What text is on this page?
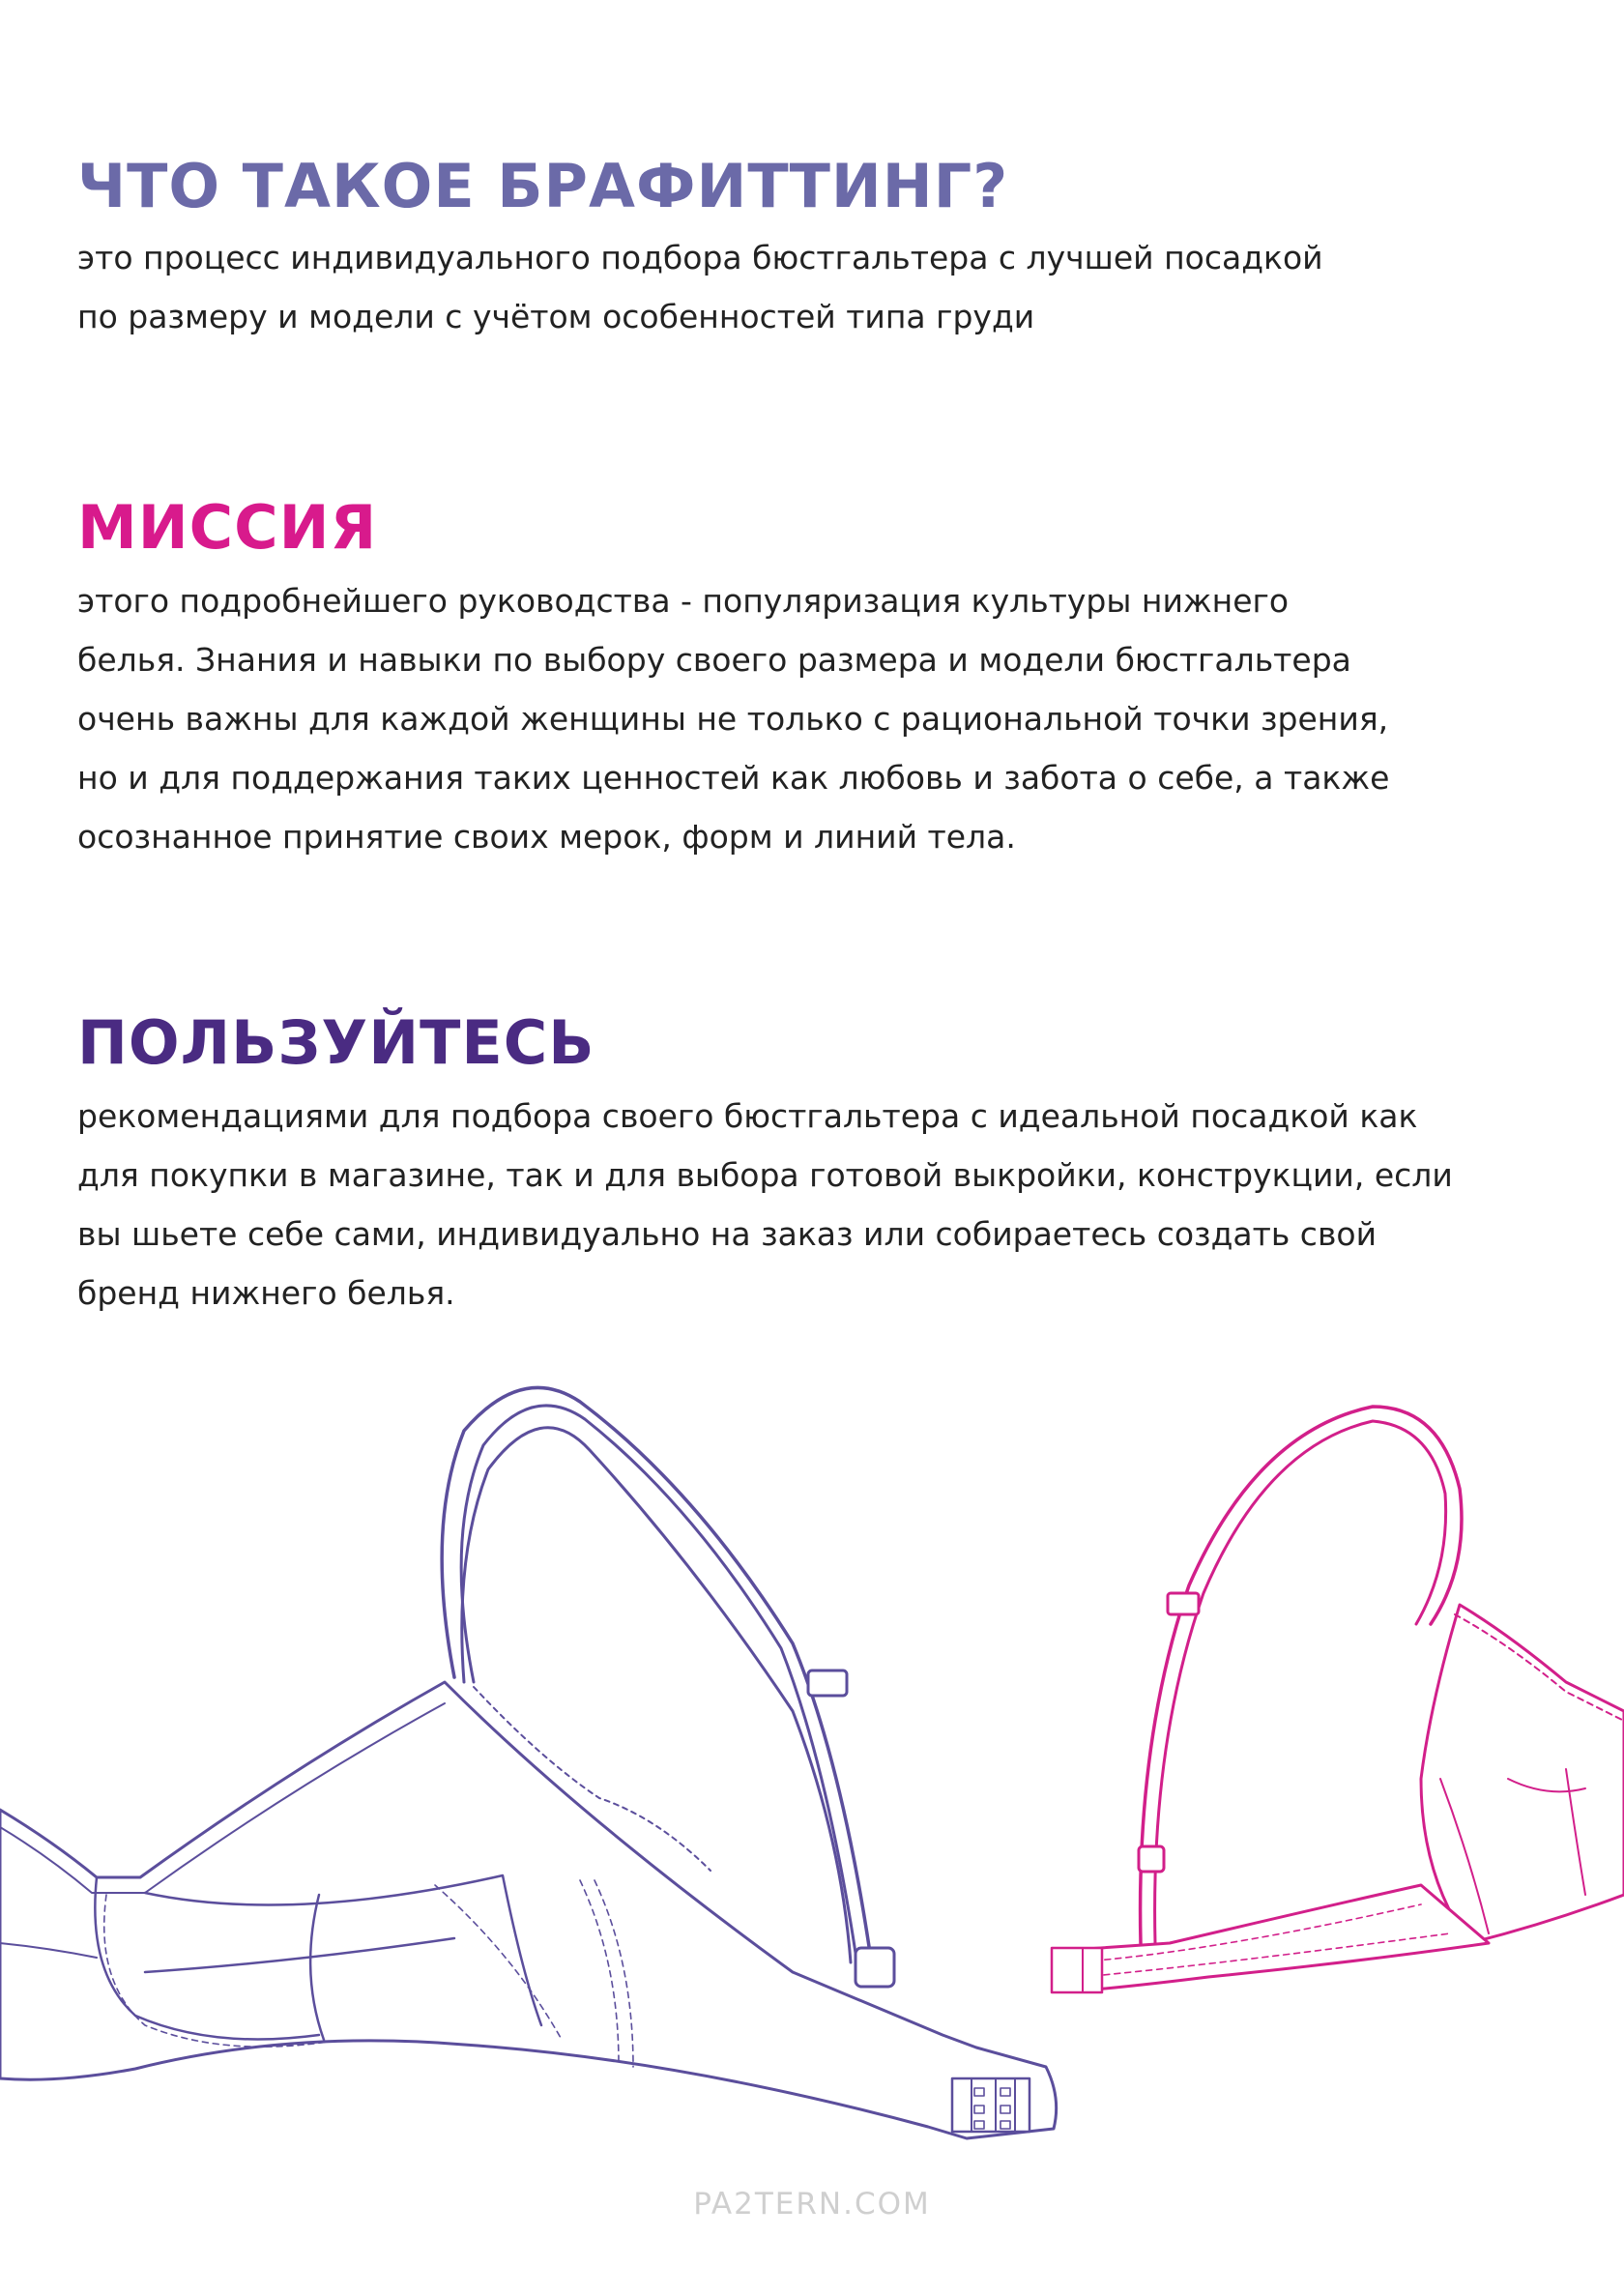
ЧТО ТАКОЕ БРАФИТТИНГ?
это процесс индивидуального подбора бюстгальтера с лучшей посадкой
по размеру и модели с учётом особенностей типа груди
МИССИЯ
этого подробнейшего руководства - популяризация культуры нижнего
белья. Знания и навыки по выбору своего размера и модели бюстгальтера
очень важны для каждой женщины не только с рациональной точки зрения,
но и для поддержания таких ценностей как любовь и забота о себе, а также
осознанное принятие своих мерок, форм и линий тела.
ПОЛЬЗУЙТЕСЬ
рекомендациями для подбора своего бюстгальтера с идеальной посадкой как
для покупки в магазине, так и для выбора готовой выкройки, конструкции, если
вы шьете себе сами, индивидуально на заказ или собираетесь создать свой
бренд нижнего белья.
PA2TERN.COM
